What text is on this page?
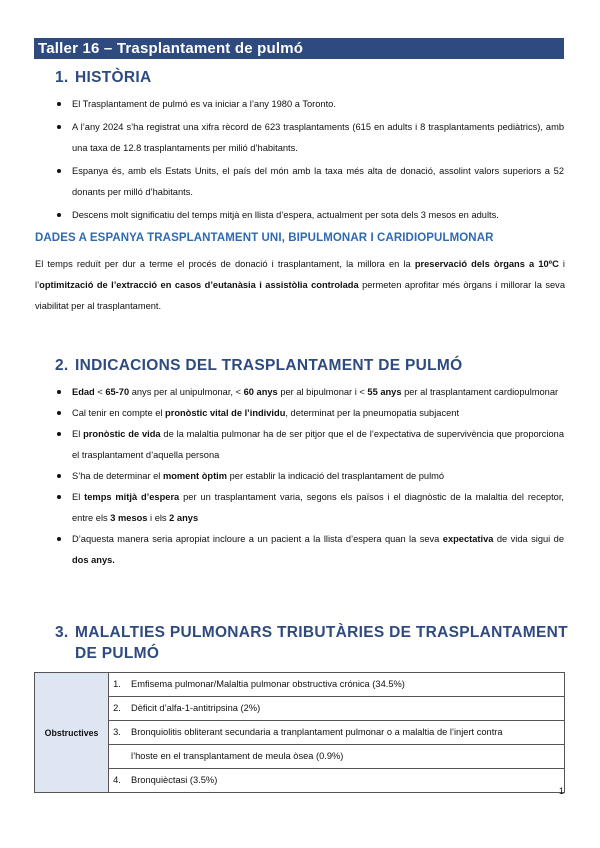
Taller 16 – Trasplantament de pulmó
1. HISTÒRIA
El Trasplantament de pulmó es va iniciar a l’any 1980 a Toronto.
A l’any 2024 s’ha registrat una xifra rècord de 623 trasplantaments (615 en adults i 8 trasplantaments pediàtrics), amb una taxa de 12.8 trasplantaments per milió d’habitants.
Espanya és, amb els Estats Units, el país del món amb la taxa més alta de donació, assolint valors superiors a 52 donants per milló d’habitants.
Descens molt significatiu del temps mitjà en llista d’espera, actualment per sota dels 3 mesos en adults.
DADES A ESPANYA TRASPLANTAMENT UNI, BIPULMONAR I CARIDIOPULMONAR

El temps reduït per dur a terme el procés de donació i trasplantament, la millora en la preservació dels òrgans a 10ºC i l’optimització de l’extracció en casos d’eutanàsia i assistòlia controlada permeten aprofitar més òrgans i millorar la seva viabilitat per al trasplantament.

2. INDICACIONS DEL TRASPLANTAMENT DE PULMÓ
Edad < 65-70 anys per al unipulmonar, < 60 anys per al bipulmonar i < 55 anys per al trasplantament cardiopulmonar
Cal tenir en compte el pronòstic vital de l’individu, determinat per la pneumopatia subjacent
El pronòstic de vida de la malaltia pulmonar ha de ser pitjor que el de l’expectativa de supervivència que proporciona el trasplantament d’aquella persona
S’ha de determinar el moment òptim per establir la indicació del trasplantament de pulmó
El temps mitjà d’espera per un trasplantament varia, segons els països i el diagnòstic de la malaltia del receptor, entre els 3 mesos i els 2 anys
D’aquesta manera seria apropiat incloure a un pacient a la llista d’espera quan la seva expectativa de vida sigui de dos anys.
3. MALALTIES PULMONARS TRIBUTÀRIES DE TRASPLANTAMENT
DE PULMÓ
Obstructives	1.	Emfisema pulmonar/Malaltia pulmonar obstructiva crónica (34.5%)
	2.	Dèficit d’alfa-1-antitripsina (2%)
	3.	Bronquiolitis obliterant secundaria a tranplantament pulmonar o a malaltia de l’injert contra
		l’hoste en el transplantament de meula òsea (0.9%)
	4.	Bronquièctasi (3.5%)
1
